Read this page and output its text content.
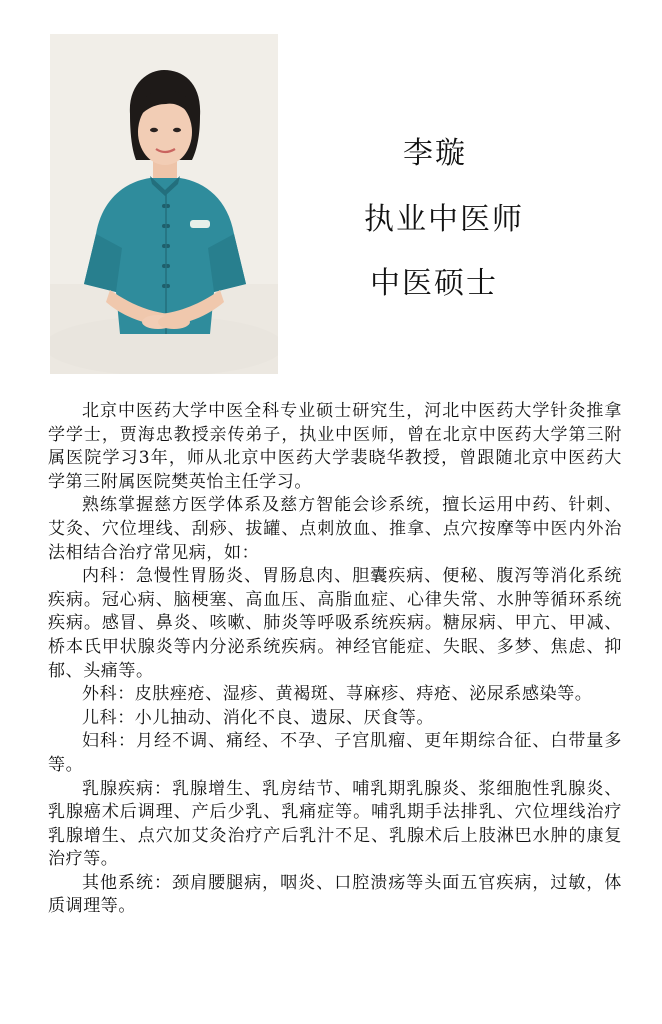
李璇
执业中医师
中医硕士

北京中医药大学中医全科专业硕士研究生，河北中医药大学针灸推拿学学士，贾海忠教授亲传弟子，执业中医师，曾在北京中医药大学第三附属医院学习3年，师从北京中医药大学裴晓华教授，曾跟随北京中医药大学第三附属医院樊英怡主任学习。

熟练掌握慈方医学体系及慈方智能会诊系统，擅长运用中药、针刺、艾灸、穴位埋线、刮痧、拔罐、点刺放血、推拿、点穴按摩等中医内外治法相结合治疗常见病，如：

内科：急慢性胃肠炎、胃肠息肉、胆囊疾病、便秘、腹泻等消化系统疾病。冠心病、脑梗塞、高血压、高脂血症、心律失常、水肿等循环系统疾病。感冒、鼻炎、咳嗽、肺炎等呼吸系统疾病。糖尿病、甲亢、甲减、桥本氏甲状腺炎等内分泌系统疾病。神经官能症、失眠、多梦、焦虑、抑郁、头痛等。

外科：皮肤痤疮、湿疹、黄褐斑、荨麻疹、痔疮、泌尿系感染等。

儿科：小儿抽动、消化不良、遗尿、厌食等。

妇科：月经不调、痛经、不孕、子宫肌瘤、更年期综合征、白带量多等。

乳腺疾病：乳腺增生、乳房结节、哺乳期乳腺炎、浆细胞性乳腺炎、乳腺癌术后调理、产后少乳、乳痛症等。哺乳期手法排乳、穴位埋线治疗乳腺增生、点穴加艾灸治疗产后乳汁不足、乳腺术后上肢淋巴水肿的康复治疗等。

其他系统：颈肩腰腿病，咽炎、口腔溃疡等头面五官疾病，过敏，体质调理等。
